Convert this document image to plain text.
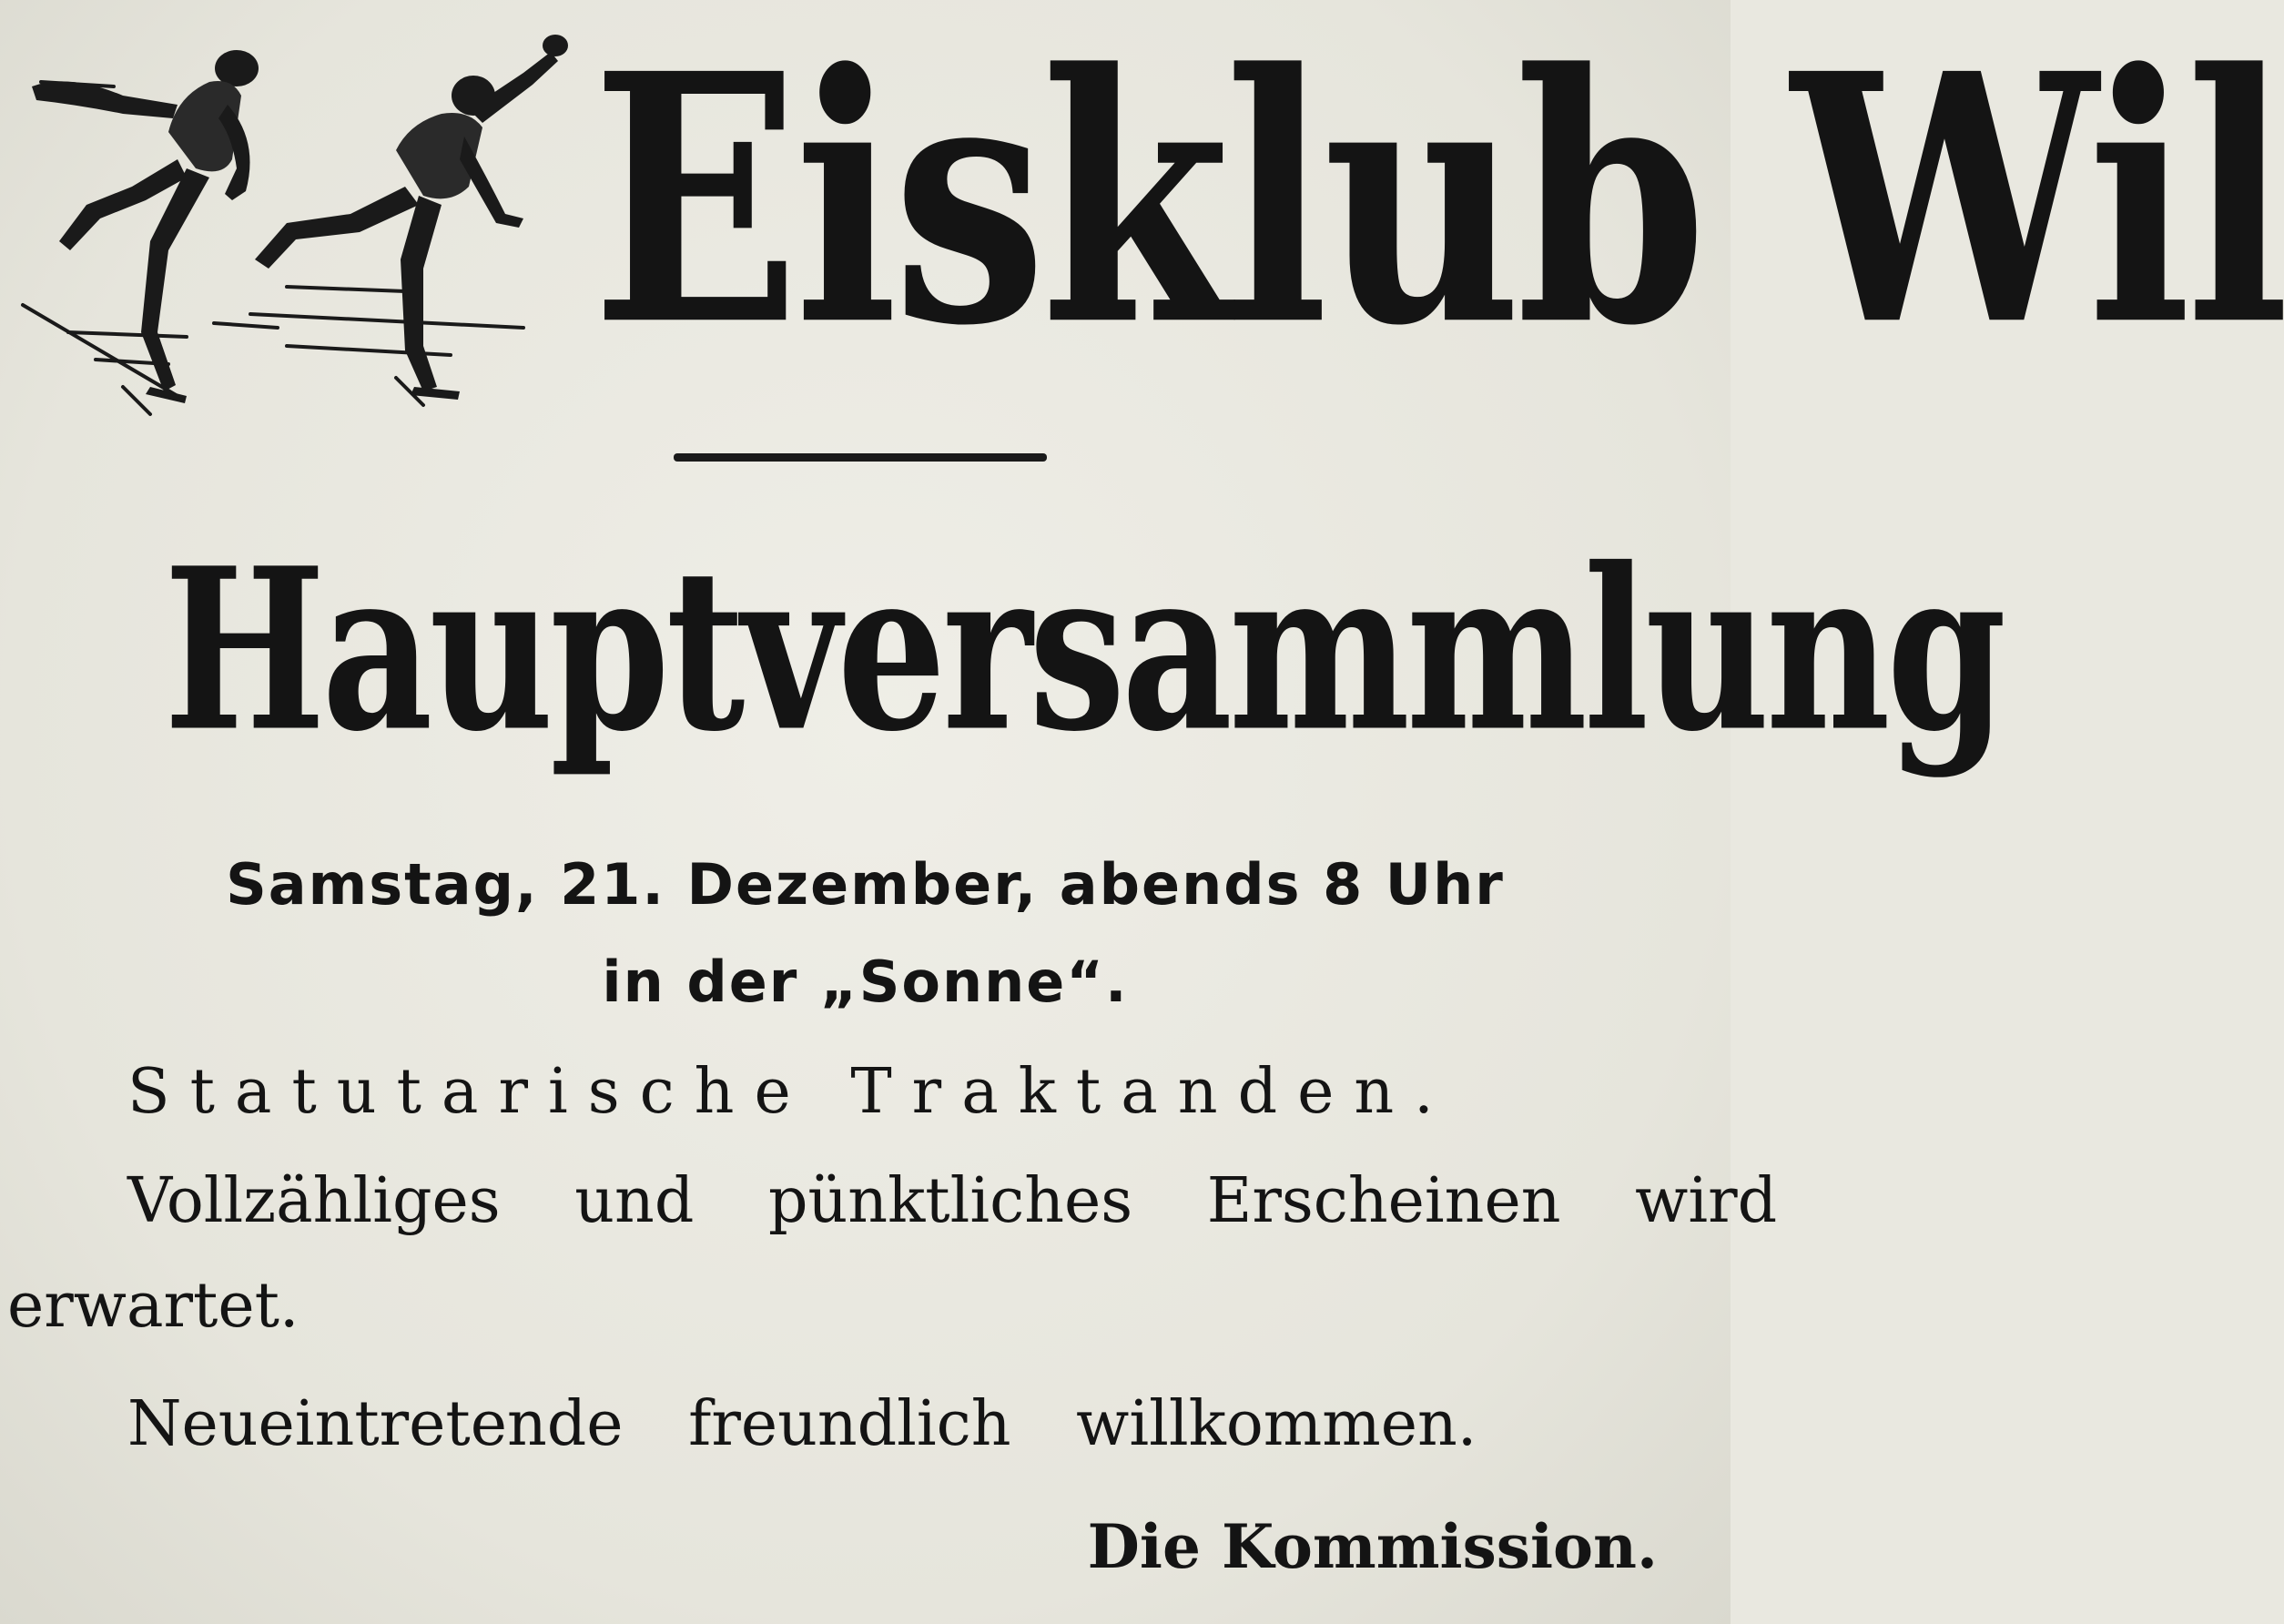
Eisklub Wil
Hauptversammlung
Samstag, 21. Dezember, abends 8 Uhr
in der „Sonne“.
Statutarische Traktanden.
Vollzähliges und pünktliches Erscheinen wird
erwartet.
Neueintretende freundlich willkommen.
Die Kommission.
